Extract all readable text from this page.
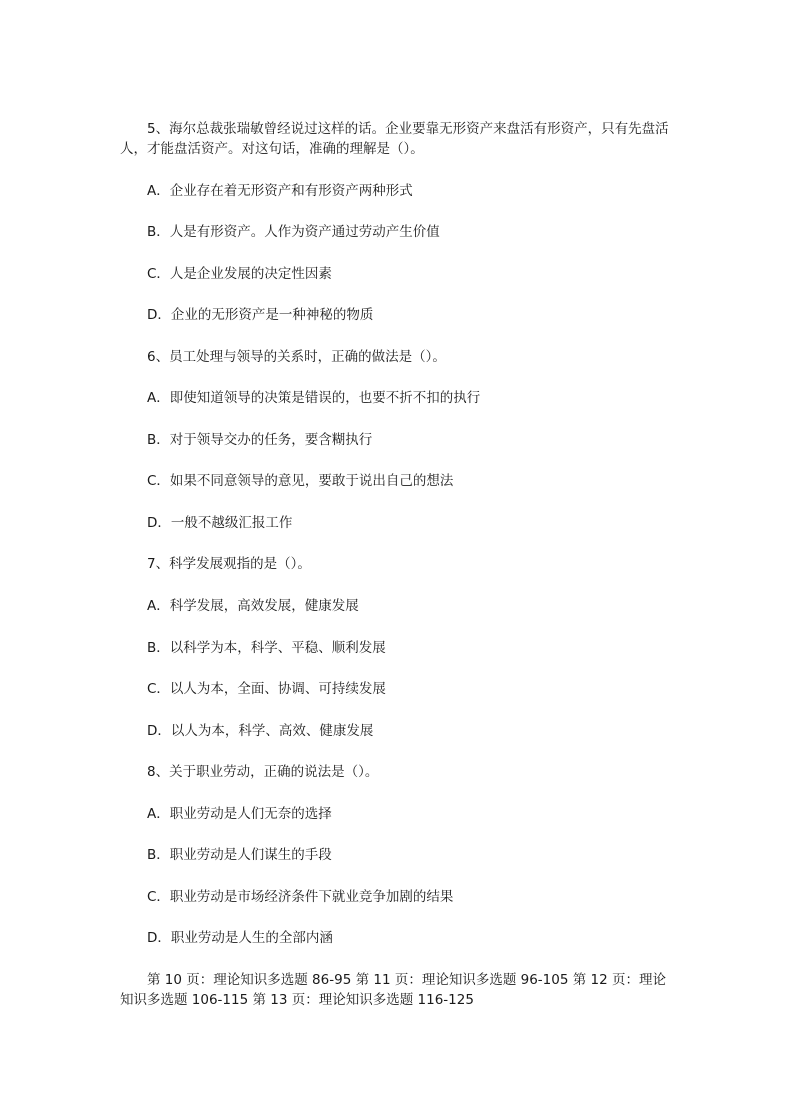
5、海尔总裁张瑞敏曾经说过这样的话。企业要靠无形资产来盘活有形资产，只有先盘活人，才能盘活资产。对这句话，准确的理解是（）。

A．企业存在着无形资产和有形资产两种形式

B．人是有形资产。人作为资产通过劳动产生价值

C．人是企业发展的决定性因素

D．企业的无形资产是一种神秘的物质

6、员工处理与领导的关系时，正确的做法是（）。

A．即使知道领导的决策是错误的，也要不折不扣的执行

B．对于领导交办的任务，要含糊执行

C．如果不同意领导的意见，要敢于说出自己的想法

D．一般不越级汇报工作

7、科学发展观指的是（）。

A．科学发展，高效发展，健康发展

B．以科学为本，科学、平稳、顺利发展

C．以人为本，全面、协调、可持续发展

D．以人为本，科学、高效、健康发展

8、关于职业劳动，正确的说法是（）。

A．职业劳动是人们无奈的选择

B．职业劳动是人们谋生的手段

C．职业劳动是市场经济条件下就业竞争加剧的结果

D．职业劳动是人生的全部内涵

第 10 页：理论知识多选题 86-95 第 11 页：理论知识多选题 96-105 第 12 页：理论知识多选题 106-115 第 13 页：理论知识多选题 116-125
